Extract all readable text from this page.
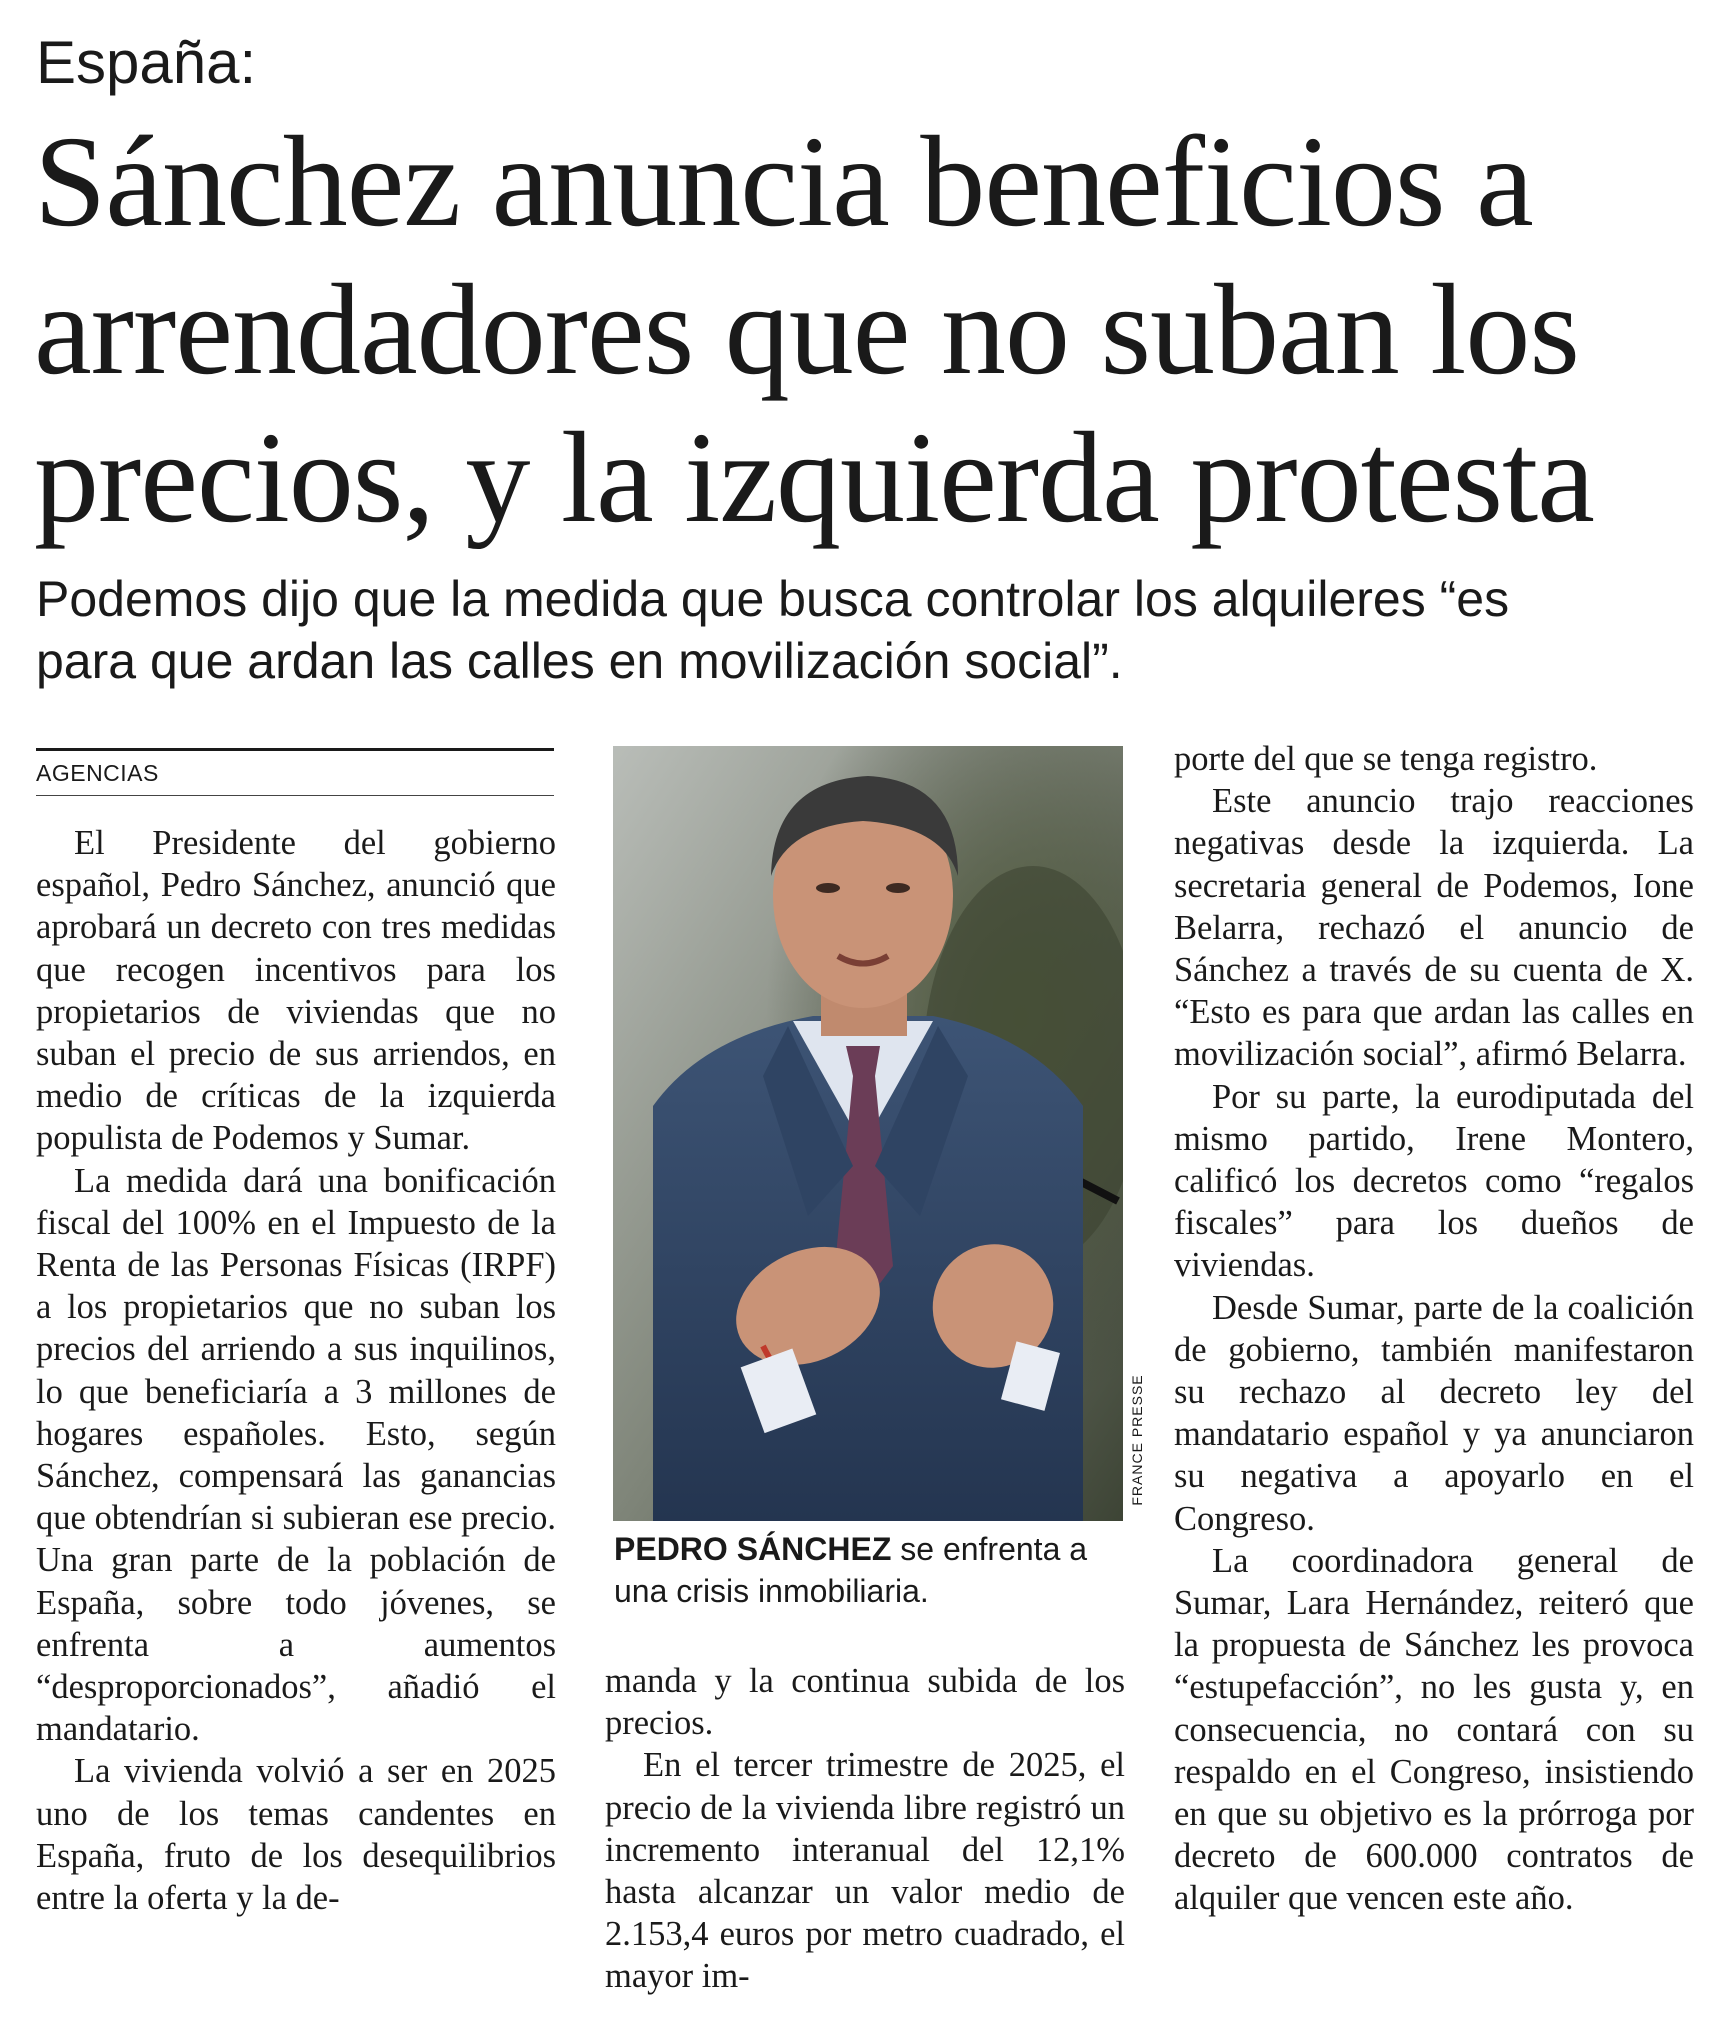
España:
Sánchez anuncia beneficios a
arrendadores que no suban los
precios, y la izquierda protesta
Podemos dijo que la medida que busca controlar los alquileres “es
para que ardan las calles en movilización social”.
AGENCIAS

El Presidente del gobierno español, Pedro Sánchez, anunció que aprobará un decreto con tres medidas que recogen incentivos para los propietarios de viviendas que no suban el precio de sus arriendos, en medio de críticas de la izquierda populista de Podemos y Sumar.

La medida dará una bonificación fiscal del 100% en el Impuesto de la Renta de las Personas Físicas (IRPF) a los propietarios que no suban los precios del arriendo a sus inquilinos, lo que beneficiaría a 3 millones de hogares españoles. Esto, según Sánchez, compensará las ganancias que obtendrían si subieran ese precio. Una gran parte de la población de España, sobre todo jóvenes, se enfrenta a aumentos “desproporcionados”, añadió el mandatario.

La vivienda volvió a ser en 2025 uno de los temas candentes en España, fruto de los desequilibrios entre la oferta y la de-

FRANCE PRESSE
PEDRO SÁNCHEZ se enfrenta a una crisis inmobiliaria.

manda y la continua subida de los precios.

En el tercer trimestre de 2025, el precio de la vivienda libre registró un incremento interanual del 12,1% hasta alcanzar un valor medio de 2.153,4 euros por metro cuadrado, el mayor im-

porte del que se tenga registro.

Este anuncio trajo reacciones negativas desde la izquierda. La secretaria general de Podemos, Ione Belarra, rechazó el anuncio de Sánchez a través de su cuenta de X. “Esto es para que ardan las calles en movilización social”, afirmó Belarra.

Por su parte, la eurodiputada del mismo partido, Irene Montero, calificó los decretos como “regalos fiscales” para los dueños de viviendas.

Desde Sumar, parte de la coalición de gobierno, también manifestaron su rechazo al decreto ley del mandatario español y ya anunciaron su negativa a apoyarlo en el Congreso.

La coordinadora general de Sumar, Lara Hernández, reiteró que la propuesta de Sánchez les provoca “estupefacción”, no les gusta y, en consecuencia, no contará con su respaldo en el Congreso, insistiendo en que su objetivo es la prórroga por decreto de 600.000 contratos de alquiler que vencen este año.
